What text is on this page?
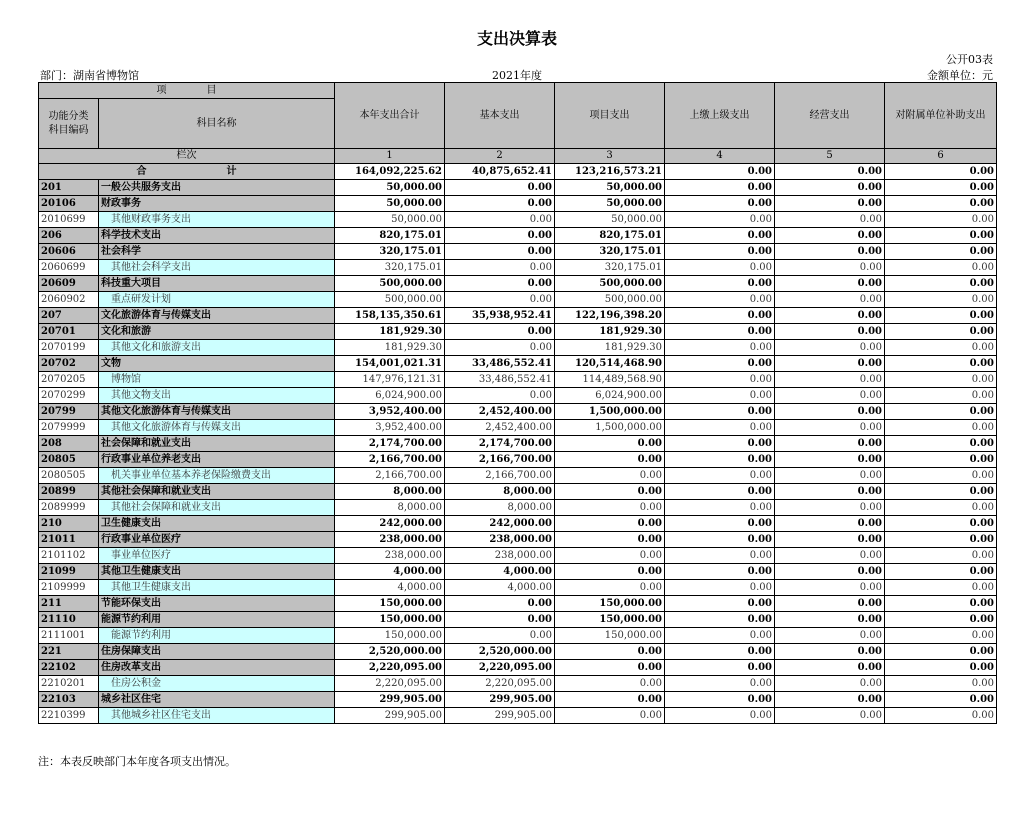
支出决算表
公开03表
部门：湖南省博物馆	2021年度	金额单位：元
项　　　　目		本年支出合计	基本支出	项目支出	上缴上级支出	经营支出	对附属单位补助支出
功能分类
科目编码	科目名称						
栏次		1	2	3	4	5	6
合　　　　　　　　计		164,092,225.62	40,875,652.41	123,216,573.21	0.00	0.00	0.00
201	一般公共服务支出	50,000.00	0.00	50,000.00	0.00	0.00	0.00
20106	财政事务	50,000.00	0.00	50,000.00	0.00	0.00	0.00
2010699	其他财政事务支出	50,000.00	0.00	50,000.00	0.00	0.00	0.00
206	科学技术支出	820,175.01	0.00	820,175.01	0.00	0.00	0.00
20606	社会科学	320,175.01	0.00	320,175.01	0.00	0.00	0.00
2060699	其他社会科学支出	320,175.01	0.00	320,175.01	0.00	0.00	0.00
20609	科技重大项目	500,000.00	0.00	500,000.00	0.00	0.00	0.00
2060902	重点研发计划	500,000.00	0.00	500,000.00	0.00	0.00	0.00
207	文化旅游体育与传媒支出	158,135,350.61	35,938,952.41	122,196,398.20	0.00	0.00	0.00
20701	文化和旅游	181,929.30	0.00	181,929.30	0.00	0.00	0.00
2070199	其他文化和旅游支出	181,929.30	0.00	181,929.30	0.00	0.00	0.00
20702	文物	154,001,021.31	33,486,552.41	120,514,468.90	0.00	0.00	0.00
2070205	博物馆	147,976,121.31	33,486,552.41	114,489,568.90	0.00	0.00	0.00
2070299	其他文物支出	6,024,900.00	0.00	6,024,900.00	0.00	0.00	0.00
20799	其他文化旅游体育与传媒支出	3,952,400.00	2,452,400.00	1,500,000.00	0.00	0.00	0.00
2079999	其他文化旅游体育与传媒支出	3,952,400.00	2,452,400.00	1,500,000.00	0.00	0.00	0.00
208	社会保障和就业支出	2,174,700.00	2,174,700.00	0.00	0.00	0.00	0.00
20805	行政事业单位养老支出	2,166,700.00	2,166,700.00	0.00	0.00	0.00	0.00
2080505	机关事业单位基本养老保险缴费支出	2,166,700.00	2,166,700.00	0.00	0.00	0.00	0.00
20899	其他社会保障和就业支出	8,000.00	8,000.00	0.00	0.00	0.00	0.00
2089999	其他社会保障和就业支出	8,000.00	8,000.00	0.00	0.00	0.00	0.00
210	卫生健康支出	242,000.00	242,000.00	0.00	0.00	0.00	0.00
21011	行政事业单位医疗	238,000.00	238,000.00	0.00	0.00	0.00	0.00
2101102	事业单位医疗	238,000.00	238,000.00	0.00	0.00	0.00	0.00
21099	其他卫生健康支出	4,000.00	4,000.00	0.00	0.00	0.00	0.00
2109999	其他卫生健康支出	4,000.00	4,000.00	0.00	0.00	0.00	0.00
211	节能环保支出	150,000.00	0.00	150,000.00	0.00	0.00	0.00
21110	能源节约利用	150,000.00	0.00	150,000.00	0.00	0.00	0.00
2111001	能源节约利用	150,000.00	0.00	150,000.00	0.00	0.00	0.00
221	住房保障支出	2,520,000.00	2,520,000.00	0.00	0.00	0.00	0.00
22102	住房改革支出	2,220,095.00	2,220,095.00	0.00	0.00	0.00	0.00
2210201	住房公积金	2,220,095.00	2,220,095.00	0.00	0.00	0.00	0.00
22103	城乡社区住宅	299,905.00	299,905.00	0.00	0.00	0.00	0.00
2210399	其他城乡社区住宅支出	299,905.00	299,905.00	0.00	0.00	0.00	0.00
注：本表反映部门本年度各项支出情况。
